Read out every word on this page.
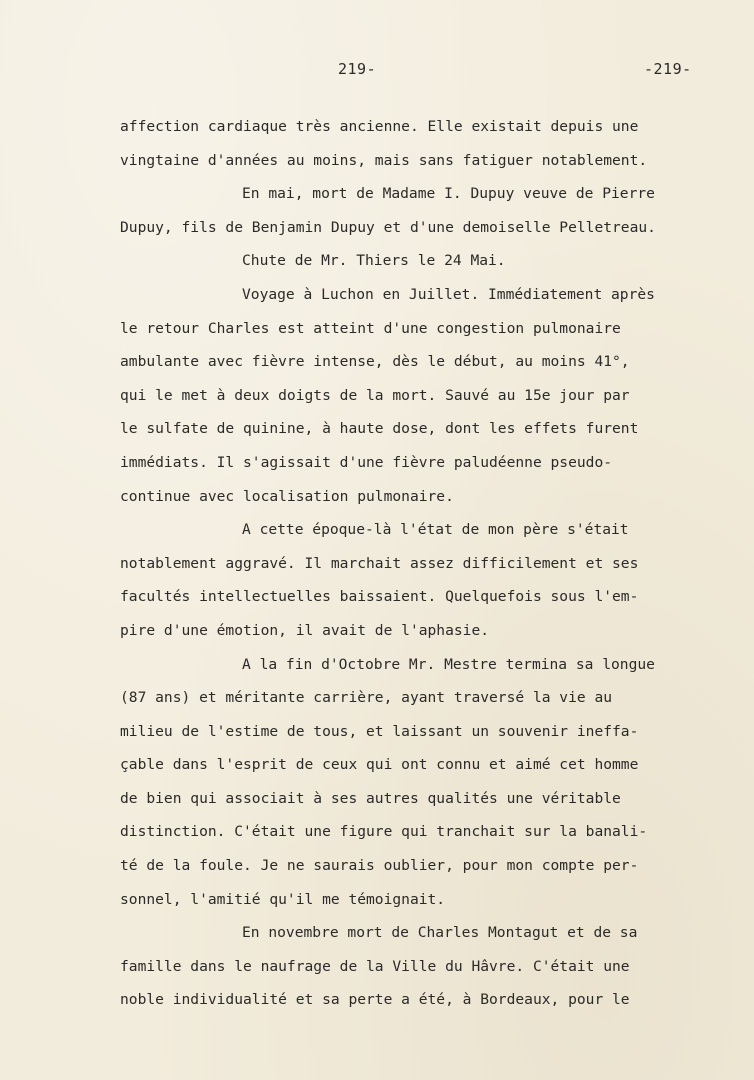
219-	-219-
affection cardiaque très ancienne. Elle existait depuis une
vingtaine d'années au moins, mais sans fatiguer notablement.
En mai, mort de Madame I. Dupuy veuve de Pierre
Dupuy, fils de Benjamin Dupuy et d'une demoiselle Pelletreau.
Chute de Mr. Thiers le 24 Mai.
Voyage à Luchon en Juillet. Immédiatement après
le retour Charles est atteint d'une congestion pulmonaire
ambulante avec fièvre intense, dès le début, au moins 41°,
qui le met à deux doigts de la mort. Sauvé au 15e jour par
le sulfate de quinine, à haute dose, dont les effets furent
immédiats. Il s'agissait d'une fièvre paludéenne pseudo-
continue avec localisation pulmonaire.
A cette époque-là l'état de mon père s'était
notablement aggravé. Il marchait assez difficilement et ses
facultés intellectuelles baissaient. Quelquefois sous l'em-
pire d'une émotion, il avait de l'aphasie.
A la fin d'Octobre Mr. Mestre termina sa longue
(87 ans) et méritante carrière, ayant traversé la vie au
milieu de l'estime de tous, et laissant un souvenir ineffa-
çable dans l'esprit de ceux qui ont connu et aimé cet homme
de bien qui associait à ses autres qualités une véritable
distinction. C'était une figure qui tranchait sur la banali-
té de la foule. Je ne saurais oublier, pour mon compte per-
sonnel, l'amitié qu'il me témoignait.
En novembre mort de Charles Montagut et de sa
famille dans le naufrage de la Ville du Hâvre. C'était une
noble individualité et sa perte a été, à Bordeaux, pour le
